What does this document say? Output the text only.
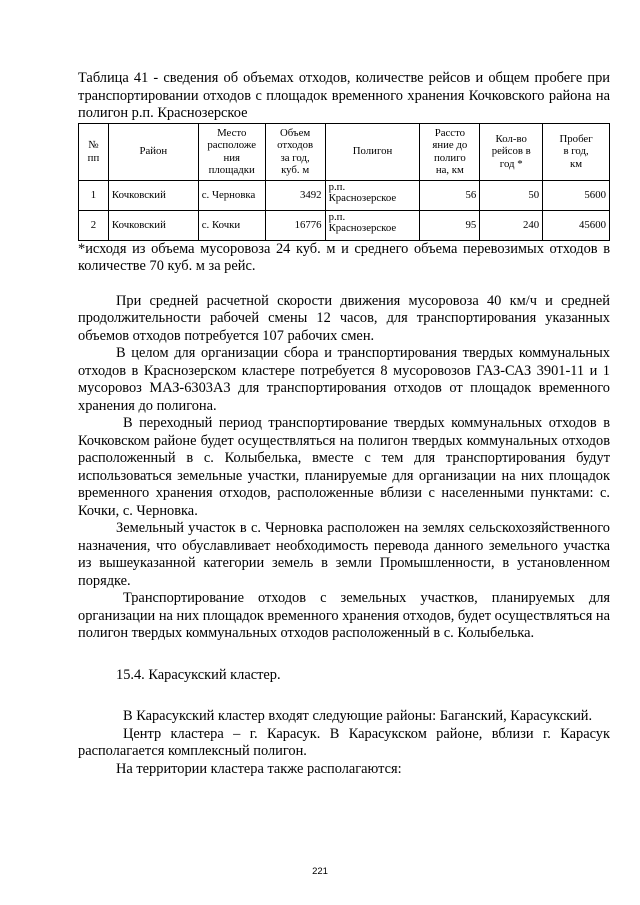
Таблица 41 - сведения об объемах отходов, количестве рейсов и общем пробеге при транспортировании отходов с площадок временного хранения Кочковского района на полигон р.п. Краснозерское

№
пп	Район	Место
расположе
ния
площадки	Объем
отходов
за год,
куб. м	Полигон	Рассто
яние до
полиго
на, км	Кол-во
рейсов в
год *	Пробег
в год,
км
1	Кочковский	с. Черновка	3492	р.п.
Краснозерское	56	50	5600
2	Кочковский	с. Кочки	16776	р.п.
Краснозерское	95	240	45600

*исходя из объема мусоровоза 24 куб. м и среднего объема перевозимых отходов в количестве 70 куб. м за рейс.

При средней расчетной скорости движения мусоровоза 40 км/ч и средней продолжительности рабочей смены 12 часов, для транспортирования указанных объемов отходов потребуется 107 рабочих смен.

В целом для организации сбора и транспортирования твердых коммунальных отходов в Краснозерском кластере потребуется 8 мусоровозов ГАЗ-САЗ 3901-11 и 1 мусоровоз МАЗ-6303А3 для транспортирования отходов от площадок временного хранения до полигона.

В переходный период транспортирование твердых коммунальных отходов в Кочковском районе будет осуществляться на полигон твердых коммунальных отходов расположенный в с. Колыбелька, вместе с тем для транспортирования будут использоваться земельные участки, планируемые для организации на них площадок временного хранения отходов, расположенные вблизи с населенными пунктами: с. Кочки, с. Черновка.

Земельный участок в с. Черновка расположен на землях сельскохозяйственного назначения, что обуславливает необходимость перевода данного земельного участка из вышеуказанной категории земель в земли Промышленности, в установленном порядке.

Транспортирование отходов с земельных участков, планируемых для организации на них площадок временного хранения отходов, будет осуществляться на полигон твердых коммунальных отходов расположенный в с. Колыбелька.

15.4. Карасукский кластер.

В Карасукский кластер входят следующие районы: Баганский, Карасукский.

Центр кластера – г. Карасук. В Карасукском районе, вблизи г. Карасук располагается комплексный полигон.

На территории кластера также располагаются:

221
